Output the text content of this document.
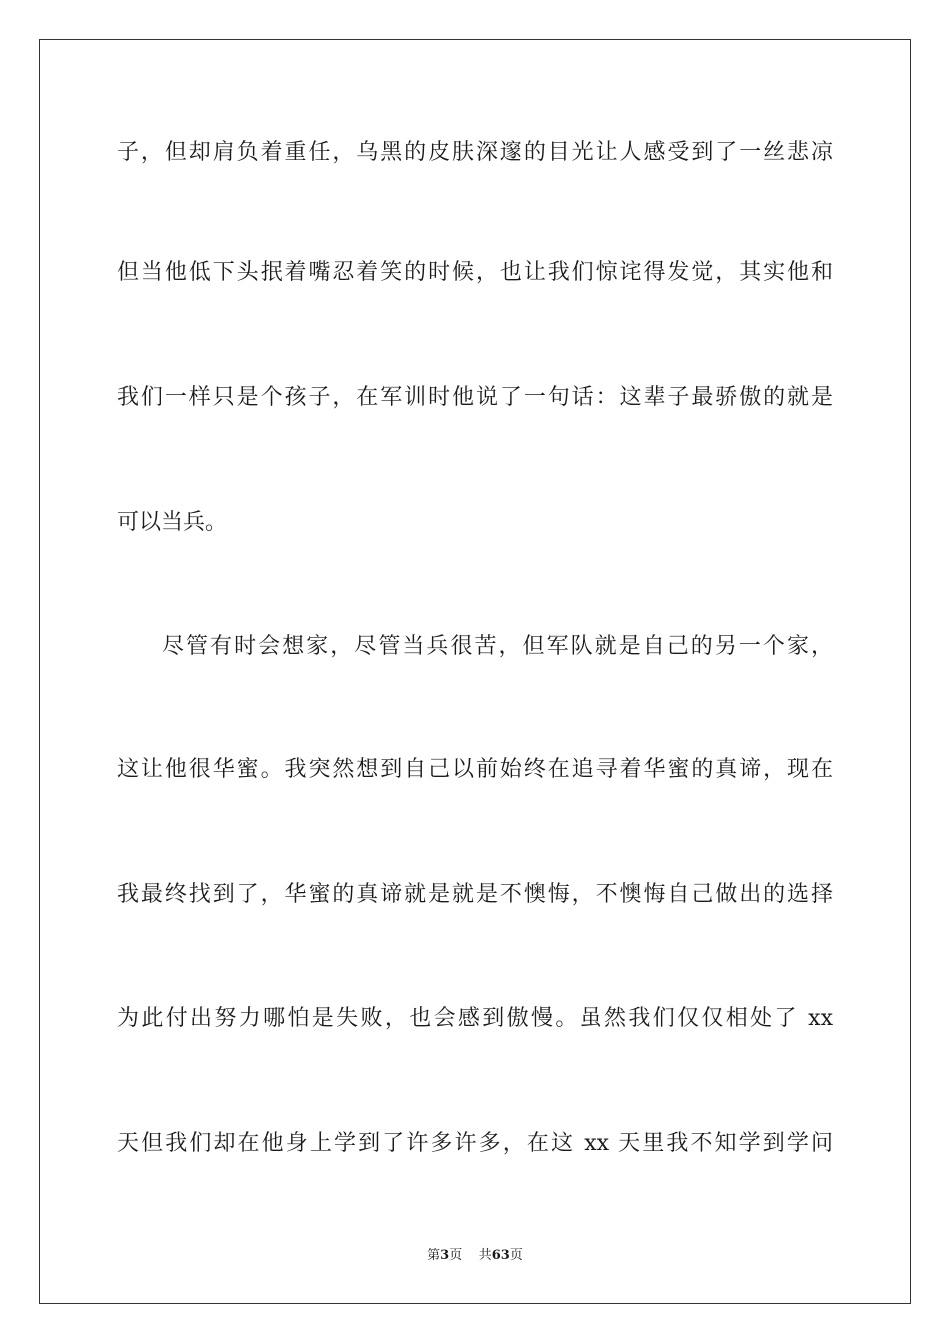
子，但却肩负着重任，乌黑的皮肤深邃的目光让人感受到了一丝悲凉
但当他低下头抿着嘴忍着笑的时候，也让我们惊诧得发觉，其实他和
我们一样只是个孩子，在军训时他说了一句话：这辈子最骄傲的就是
可以当兵。
尽管有时会想家，尽管当兵很苦，但军队就是自己的另一个家，
这让他很华蜜。我突然想到自己以前始终在追寻着华蜜的真谛，现在
我最终找到了，华蜜的真谛就是就是不懊悔，不懊悔自己做出的选择
为此付出努力哪怕是失败，也会感到傲慢。虽然我们仅仅相处了 xx
天但我们却在他身上学到了许多许多，在这 xx 天里我不知学到学问
第3页 共63页
